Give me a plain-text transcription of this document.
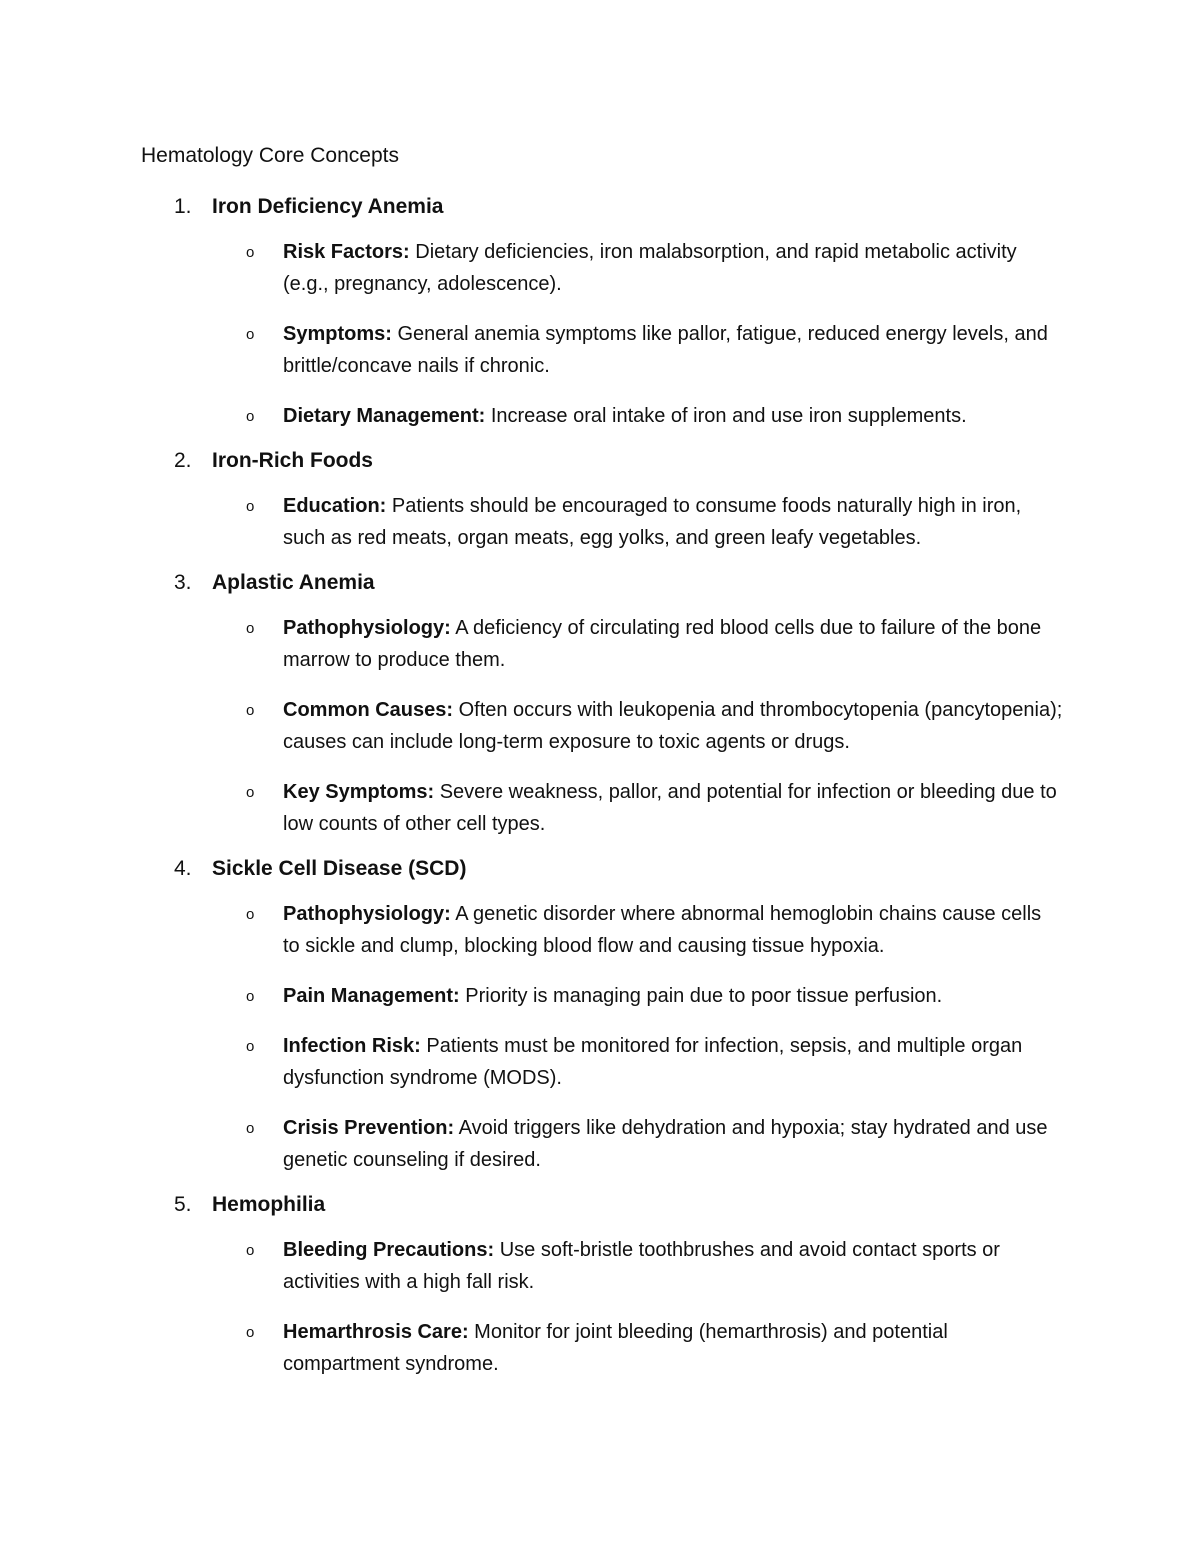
Hematology Core Concepts
1. Iron Deficiency Anemia
o Risk Factors: Dietary deficiencies, iron malabsorption, and rapid metabolic activity (e.g., pregnancy, adolescence).
o Symptoms: General anemia symptoms like pallor, fatigue, reduced energy levels, and brittle/concave nails if chronic.
o Dietary Management: Increase oral intake of iron and use iron supplements.
2. Iron-Rich Foods
o Education: Patients should be encouraged to consume foods naturally high in iron, such as red meats, organ meats, egg yolks, and green leafy vegetables.
3. Aplastic Anemia
o Pathophysiology: A deficiency of circulating red blood cells due to failure of the bone marrow to produce them.
o Common Causes: Often occurs with leukopenia and thrombocytopenia (pancytopenia); causes can include long-term exposure to toxic agents or drugs.
o Key Symptoms: Severe weakness, pallor, and potential for infection or bleeding due to low counts of other cell types.
4. Sickle Cell Disease (SCD)
o Pathophysiology: A genetic disorder where abnormal hemoglobin chains cause cells to sickle and clump, blocking blood flow and causing tissue hypoxia.
o Pain Management: Priority is managing pain due to poor tissue perfusion.
o Infection Risk: Patients must be monitored for infection, sepsis, and multiple organ dysfunction syndrome (MODS).
o Crisis Prevention: Avoid triggers like dehydration and hypoxia; stay hydrated and use genetic counseling if desired.
5. Hemophilia
o Bleeding Precautions: Use soft-bristle toothbrushes and avoid contact sports or activities with a high fall risk.
o Hemarthrosis Care: Monitor for joint bleeding (hemarthrosis) and potential compartment syndrome.
